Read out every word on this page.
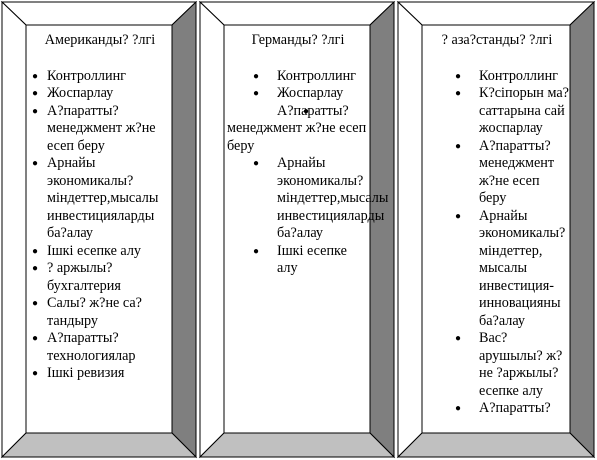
Американды? ?лгі
● Контроллинг
● Жоспарлау
● А?паратты? менеджмент ж?не есеп беру
● Арнайы экономикалы? міндеттер,мысалы инвестицияларды ба?алау
● Ішкі есепке алу
● ? аржылы? бухгалтерия
● Салы? ж?не са?тандыру
● А?паратты? технологиялар
● Ішкі ревизия
Германды? ?лгі
● Контроллинг
● Жоспарлау
● А?паратты? менеджмент ж?не есеп беру
● Арнайы экономикалы? міндеттер,мысалы инвестицияларды ба?алау
● Ішкі есепке алу
? аза?станды? ?лгі
● Контроллинг
● К?сіпорын ма?саттарына сай жоспарлау
● А?паратты? менеджмент ж?не есеп беру
● Арнайы экономикалы? міндеттер, мысалы инвестиция-инновацияны ба?алау
● Bас?арушылы? ж?не ?аржылы? есепке алу
● А?паратты?
